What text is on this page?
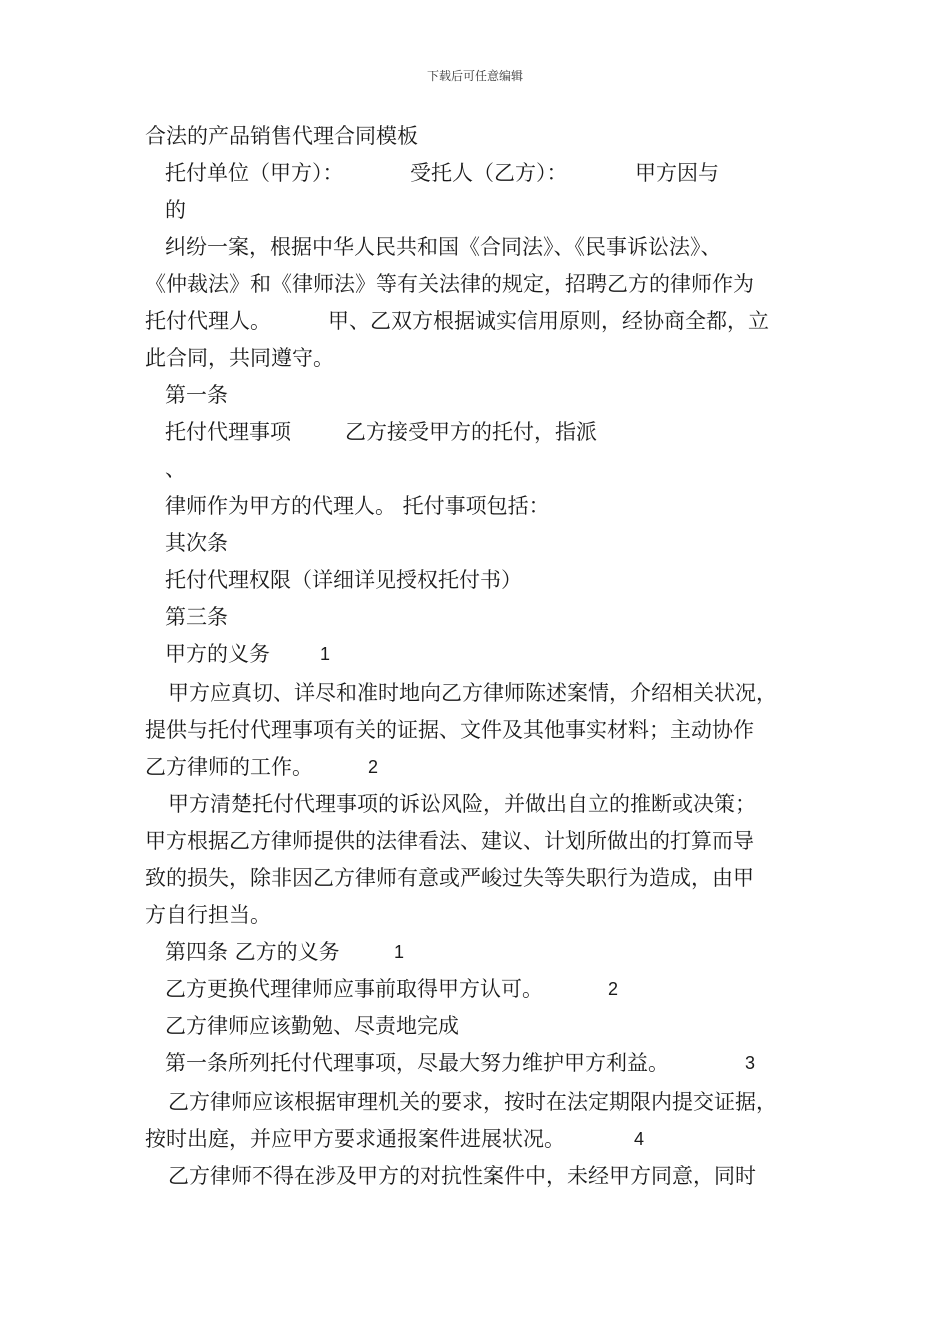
下载后可任意编辑
合法的产品销售代理合同模板
托付单位（甲方）：	受托人（乙方）：	甲方因与
的
纠纷一案，根据中华人民共和国《合同法》、《民事诉讼法》、
《仲裁法》和《律师法》等有关法律的规定，招聘乙方的律师作为
托付代理人。	甲、乙双方根据诚实信用原则，经协商全都，立
此合同，共同遵守。
第一条
托付代理事项	乙方接受甲方的托付，指派
、
律师作为甲方的代理人。 托付事项包括：
其次条
托付代理权限（详细详见授权托付书）
第三条
甲方的义务	1
甲方应真切、详尽和准时地向乙方律师陈述案情，介绍相关状况，
提供与托付代理事项有关的证据、文件及其他事实材料；主动协作
乙方律师的工作。	2
甲方清楚托付代理事项的诉讼风险，并做出自立的推断或决策；
甲方根据乙方律师提供的法律看法、建议、计划所做出的打算而导
致的损失，除非因乙方律师有意或严峻过失等失职行为造成，由甲
方自行担当。
第四条 乙方的义务	1
乙方更换代理律师应事前取得甲方认可。	2
乙方律师应该勤勉、尽责地完成
第一条所列托付代理事项，尽最大努力维护甲方利益。	3
乙方律师应该根据审理机关的要求，按时在法定期限内提交证据，
按时出庭，并应甲方要求通报案件进展状况。	4
乙方律师不得在涉及甲方的对抗性案件中，未经甲方同意，同时
